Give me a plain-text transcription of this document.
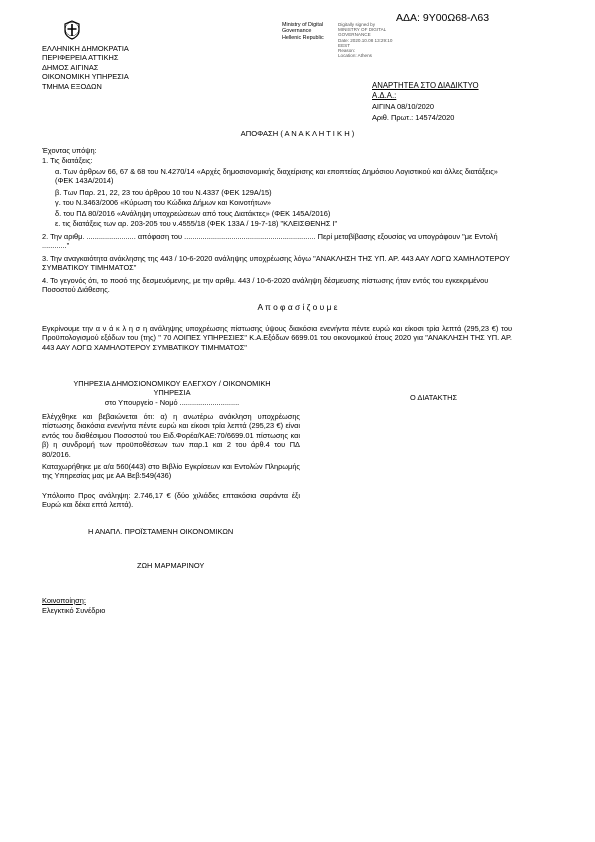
ΑΔΑ: 9Υ00Ω68-Λ63
Ministry of Digital
Governance
Hellenic Republic
Digitally signed by
MINISTRY OF DIGITAL
GOVERNANCE
Date: 2020.10.08 13:29:10
EEST
Reason:
Location: Athens
ΕΛΛΗΝΙΚΗ ΔΗΜΟΚΡΑΤΙΑ
ΠΕΡΙΦΕΡΕΙΑ ΑΤΤΙΚΗΣ
ΔΗΜΟΣ ΑΙΓΙΝΑΣ
ΟΙΚΟΝΟΜΙΚΗ ΥΠΗΡΕΣΙΑ
ΤΜΗΜΑ ΕΞΟΔΩΝ	ΑΝΑΡΤΗΤΕΑ ΣΤΟ ΔΙΑΔΙΚΤΥΟ
Α.Δ.Α.:
ΑΙΓΙΝΑ 08/10/2020
Αριθ. Πρωτ.: 14574/2020
ΑΠΟΦΑΣΗ ( Α Ν Α Κ Λ Η Τ Ι Κ Η )
Έχοντας υπόψη:
1. Τις διατάξεις:
α. Των άρθρων 66, 67 & 68 του Ν.4270/14 «Αρχές δημοσιονομικής διαχείρισης και εποπτείας Δημόσιου Λογιστικού και άλλες διατάξεις» (ΦΕΚ 143Α/2014)
β. Των Παρ. 21, 22, 23 του άρθρου 10 του Ν.4337 (ΦΕΚ 129Α/15)
γ. του Ν.3463/2006 «Κύρωση του Κώδικα Δήμων και Κοινοτήτων»
δ. του ΠΔ 80/2016 «Ανάληψη υποχρεώσεων από τους Διατάκτες» (ΦΕΚ 145Α/2016)
ε. τις διατάξεις των αρ. 203-205 του ν.4555/18 (ΦΕΚ 133Α / 19-7-18) "ΚΛΕΙΣΘΕΝΗΣ Ι"
2. Την αριθμ. ........................ απόφαση του ................................................................ Περί μεταβίβασης εξουσίας να υπογράφουν "με Εντολή ............"
3. Την αναγκαιότητα ανάκλησης της 443 / 10-6-2020 ανάληψης υποχρέωσης λόγω "ΑΝΑΚΛΗΣΗ ΤΗΣ ΥΠ. ΑΡ. 443 ΑΑΥ ΛΟΓΩ ΧΑΜΗΛΟΤΕΡΟΥ ΣΥΜΒΑΤΙΚΟΥ ΤΙΜΗΜΑΤΟΣ"
4. Το γεγονός ότι, το ποσό της δεσμευόμενης, με την αριθμ. 443 / 10-6-2020 ανάληψη δέσμευσης πίστωσης ήταν εντός του εγκεκριμένου Ποσοστού Διάθεσης.
Α π ο φ α σ ί ζ ο υ μ ε
Εγκρίνουμε την α ν ά κ λ η σ η ανάληψης υποχρέωσης πίστωσης ύψους διακόσια ενενήντα πέντε ευρώ και είκοσι τρία λεπτά (295,23 €) του Προϋπολογισμού εξόδων του (της) " 70 ΛΟΙΠΕΣ ΥΠΗΡΕΣΙΕΣ" Κ.Α.Εξόδων 6699.01 του οικονομικού έτους 2020 για "ΑΝΑΚΛΗΣΗ ΤΗΣ ΥΠ. ΑΡ. 443 ΑΑΥ ΛΟΓΩ ΧΑΜΗΛΟΤΕΡΟΥ ΣΥΜΒΑΤΙΚΟΥ ΤΙΜΗΜΑΤΟΣ"
ΥΠΗΡΕΣΙΑ ΔΗΜΟΣΙΟΝΟΜΙΚΟΥ ΕΛΕΓΧΟΥ / ΟΙΚΟΝΟΜΙΚΗ
ΥΠΗΡΕΣΙΑ
στο Υπουργείο - Νομό .............................
Ελέγχθηκε και βεβαιώνεται ότι: α) η ανωτέρω ανάκληση υποχρέωσης πίστωσης διακόσια ενενήντα πέντε ευρώ και είκοσι τρία λεπτά (295,23 €) είναι εντός του διαθέσιμου Ποσοστού του Ειδ.Φορέα/ΚΑΕ:70/6699.01 πίστωσης και β) η συνδρομή των προϋποθέσεων των παρ.1 και 2 του άρθ.4 του ΠΔ 80/2016.
Καταχωρήθηκε με α/α 560(443) στο Βιβλίο Εγκρίσεων και Εντολών Πληρωμής της Υπηρεσίας μας με ΑΑ Βεβ:549(436)
Υπόλοιπο Προς ανάληψη: 2.746,17 € (δύο χιλιάδες επτακόσια σαράντα έξι Ευρώ και δέκα επτά λεπτά).
Ο ΔΙΑΤΑΚΤΗΣ
Η ΑΝΑΠΛ. ΠΡΟΪΣΤΑΜΕΝΗ ΟΙΚΟΝΟΜΙΚΩΝ
ΖΩΗ ΜΑΡΜΑΡΙΝΟΥ
Κοινοποίηση:
Ελεγκτικό Συνέδριο
